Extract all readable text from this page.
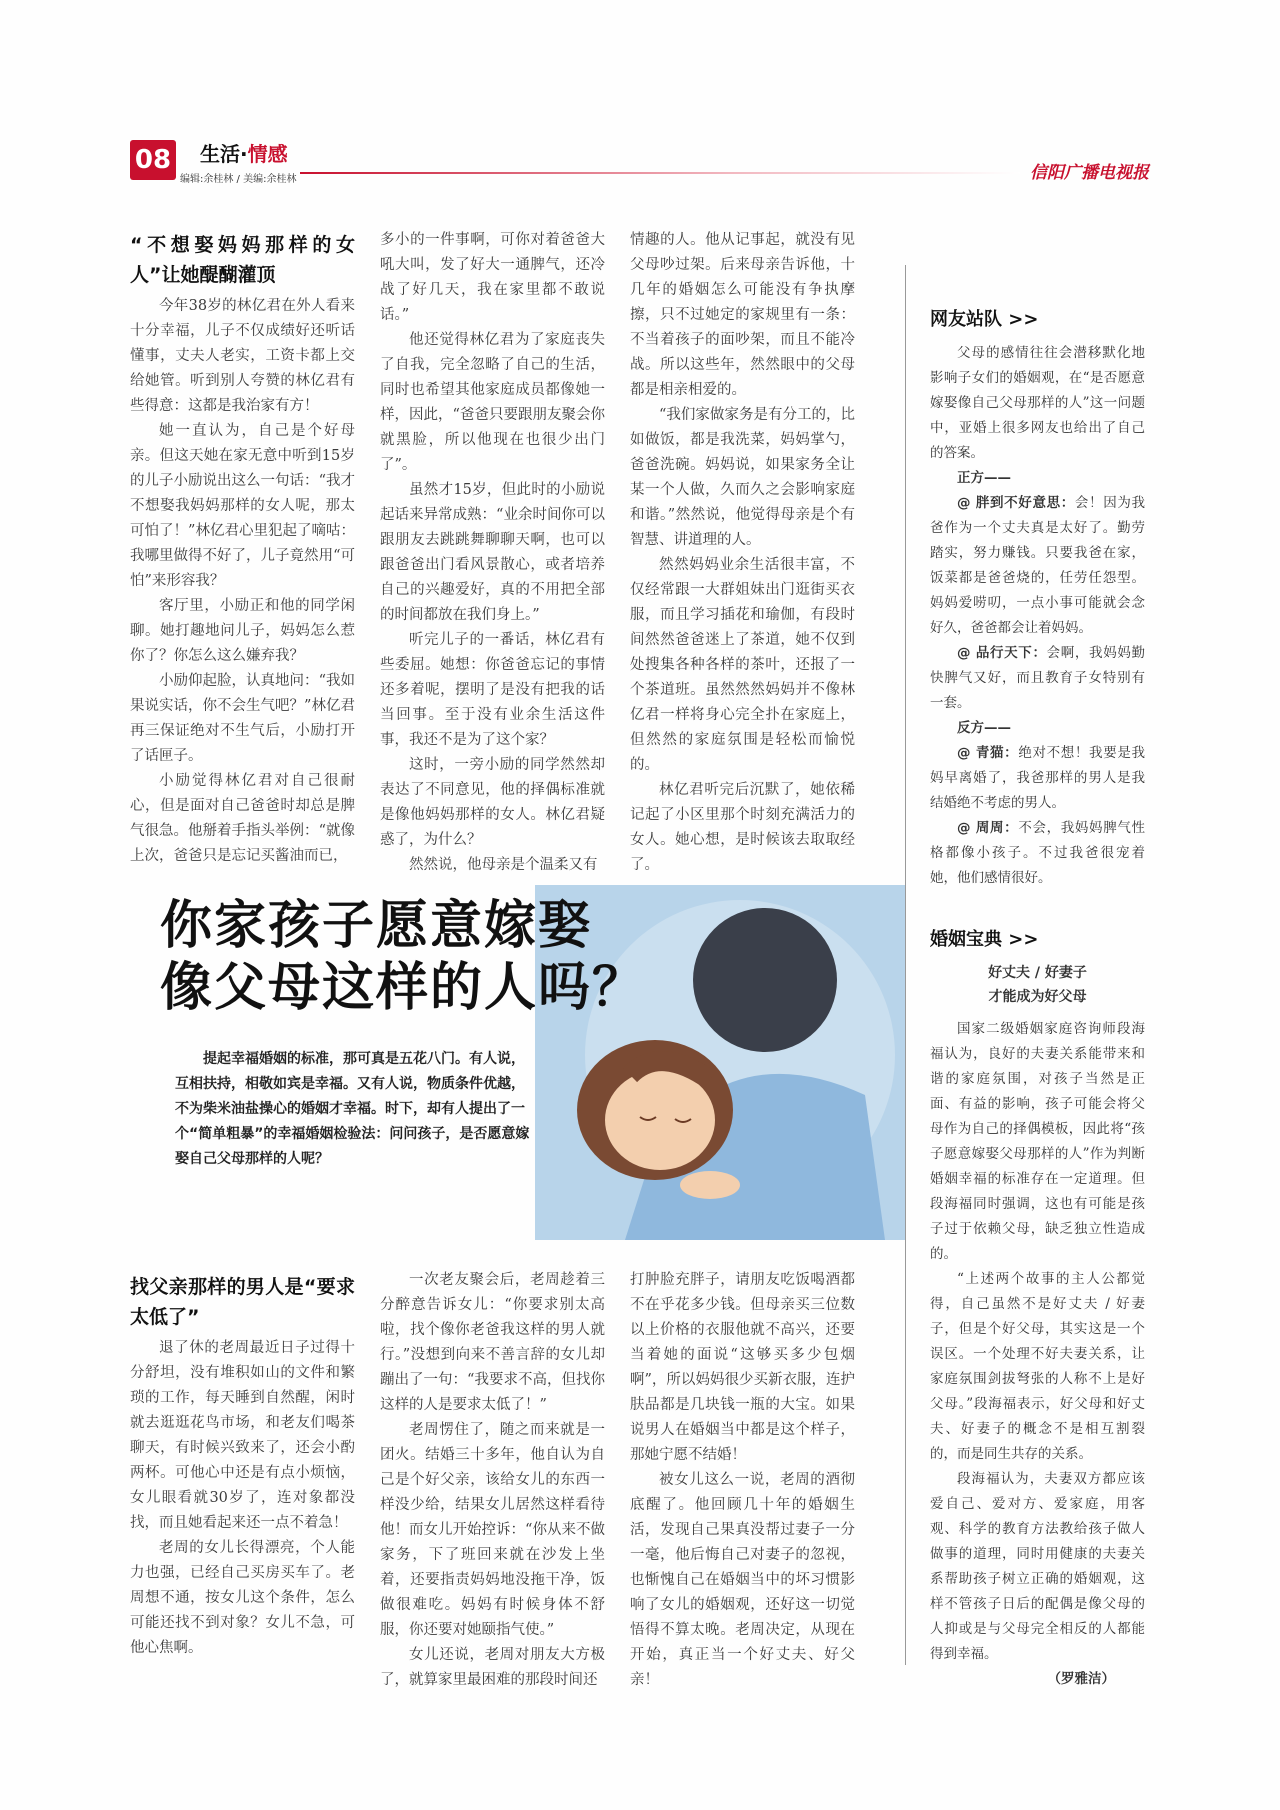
08 生活·情感
编辑:余桂林 / 美编:余桂林	信阳广播电视报
“不想娶妈妈那样的女人”让她醍醐灌顶

今年38岁的林亿君在外人看来十分幸福，儿子不仅成绩好还听话懂事，丈夫人老实，工资卡都上交给她管。听到别人夸赞的林亿君有些得意：这都是我治家有方！

她一直认为，自己是个好母亲。但这天她在家无意中听到15岁的儿子小励说出这么一句话：“我才不想娶我妈妈那样的女人呢，那太可怕了！”林亿君心里犯起了嘀咕：我哪里做得不好了，儿子竟然用“可怕”来形容我？

客厅里，小励正和他的同学闲聊。她打趣地问儿子，妈妈怎么惹你了？你怎么这么嫌弃我？

小励仰起脸，认真地问：“我如果说实话，你不会生气吧？”林亿君再三保证绝对不生气后，小励打开了话匣子。

小励觉得林亿君对自己很耐心，但是面对自己爸爸时却总是脾气很急。他掰着手指头举例：“就像上次，爸爸只是忘记买酱油而已，

多小的一件事啊，可你对着爸爸大吼大叫，发了好大一通脾气，还冷战了好几天，我在家里都不敢说话。”

他还觉得林亿君为了家庭丧失了自我，完全忽略了自己的生活，同时也希望其他家庭成员都像她一样，因此，“爸爸只要跟朋友聚会你就黑脸，所以他现在也很少出门了”。

虽然才15岁，但此时的小励说起话来异常成熟：“业余时间你可以跟朋友去跳跳舞聊聊天啊，也可以跟爸爸出门看风景散心，或者培养自己的兴趣爱好，真的不用把全部的时间都放在我们身上。”

听完儿子的一番话，林亿君有些委屈。她想：你爸爸忘记的事情还多着呢，摆明了是没有把我的话当回事。至于没有业余生活这件事，我还不是为了这个家？

这时，一旁小励的同学然然却表达了不同意见，他的择偶标准就是像他妈妈那样的女人。林亿君疑惑了，为什么？

然然说，他母亲是个温柔又有

情趣的人。他从记事起，就没有见父母吵过架。后来母亲告诉他，十几年的婚姻怎么可能没有争执摩擦，只不过她定的家规里有一条：不当着孩子的面吵架，而且不能冷战。所以这些年，然然眼中的父母都是相亲相爱的。

“我们家做家务是有分工的，比如做饭，都是我洗菜，妈妈掌勺，爸爸洗碗。妈妈说，如果家务全让某一个人做，久而久之会影响家庭和谐。”然然说，他觉得母亲是个有智慧、讲道理的人。

然然妈妈业余生活很丰富，不仅经常跟一大群姐妹出门逛街买衣服，而且学习插花和瑜伽，有段时间然然爸爸迷上了茶道，她不仅到处搜集各种各样的茶叶，还报了一个茶道班。虽然然然妈妈并不像林亿君一样将身心完全扑在家庭上，但然然的家庭氛围是轻松而愉悦的。

林亿君听完后沉默了，她依稀记起了小区里那个时刻充满活力的女人。她心想，是时候该去取取经了。

你家孩子愿意嫁娶
像父母这样的人吗？

提起幸福婚姻的标准，那可真是五花八门。有人说，互相扶持，相敬如宾是幸福。又有人说，物质条件优越，不为柴米油盐操心的婚姻才幸福。时下，却有人提出了一个“简单粗暴”的幸福婚姻检验法：问问孩子，是否愿意嫁娶自己父母那样的人呢？

找父亲那样的男人是“要求太低了”

退了休的老周最近日子过得十分舒坦，没有堆积如山的文件和繁琐的工作，每天睡到自然醒，闲时就去逛逛花鸟市场，和老友们喝茶聊天，有时候兴致来了，还会小酌两杯。可他心中还是有点小烦恼，女儿眼看就30岁了，连对象都没找，而且她看起来还一点不着急！

老周的女儿长得漂亮，个人能力也强，已经自己买房买车了。老周想不通，按女儿这个条件，怎么可能还找不到对象？女儿不急，可他心焦啊。

一次老友聚会后，老周趁着三分醉意告诉女儿：“你要求别太高啦，找个像你老爸我这样的男人就行。”没想到向来不善言辞的女儿却蹦出了一句：“我要求不高，但找你这样的人是要求太低了！”

老周愣住了，随之而来就是一团火。结婚三十多年，他自认为自己是个好父亲，该给女儿的东西一样没少给，结果女儿居然这样看待他！而女儿开始控诉：“你从来不做家务，下了班回来就在沙发上坐着，还要指责妈妈地没拖干净，饭做很难吃。妈妈有时候身体不舒服，你还要对她颐指气使。”

女儿还说，老周对朋友大方极了，就算家里最困难的那段时间还

打肿脸充胖子，请朋友吃饭喝酒都不在乎花多少钱。但母亲买三位数以上价格的衣服他就不高兴，还要当着她的面说“这够买多少包烟啊”，所以妈妈很少买新衣服，连护肤品都是几块钱一瓶的大宝。如果说男人在婚姻当中都是这个样子，那她宁愿不结婚！

被女儿这么一说，老周的酒彻底醒了。他回顾几十年的婚姻生活，发现自己果真没帮过妻子一分一毫，他后悔自己对妻子的忽视，也惭愧自己在婚姻当中的坏习惯影响了女儿的婚姻观，还好这一切觉悟得不算太晚。老周决定，从现在开始，真正当一个好丈夫、好父亲！

网友站队 >>

父母的感情往往会潜移默化地影响子女们的婚姻观，在“是否愿意嫁娶像自己父母那样的人”这一问题中，亚婚上很多网友也给出了自己的答案。

正方——

@ 胖到不好意思：会！因为我爸作为一个丈夫真是太好了。勤劳踏实，努力赚钱。只要我爸在家，饭菜都是爸爸烧的，任劳任怨型。妈妈爱唠叨，一点小事可能就会念好久，爸爸都会让着妈妈。

@ 品行天下：会啊，我妈妈勤快脾气又好，而且教育子女特别有一套。

反方——

@ 青猫：绝对不想！我要是我妈早离婚了，我爸那样的男人是我结婚绝不考虑的男人。

@ 周周：不会，我妈妈脾气性格都像小孩子。不过我爸很宠着她，他们感情很好。

婚姻宝典 >>
好丈夫 / 好妻子
才能成为好父母

国家二级婚姻家庭咨询师段海福认为，良好的夫妻关系能带来和谐的家庭氛围，对孩子当然是正面、有益的影响，孩子可能会将父母作为自己的择偶模板，因此将“孩子愿意嫁娶父母那样的人”作为判断婚姻幸福的标准存在一定道理。但段海福同时强调，这也有可能是孩子过于依赖父母，缺乏独立性造成的。

“上述两个故事的主人公都觉得，自己虽然不是好丈夫 / 好妻子，但是个好父母，其实这是一个误区。一个处理不好夫妻关系，让家庭氛围剑拔弩张的人称不上是好父母。”段海福表示，好父母和好丈夫、好妻子的概念不是相互割裂的，而是同生共存的关系。

段海福认为，夫妻双方都应该爱自己、爱对方、爱家庭，用客观、科学的教育方法教给孩子做人做事的道理，同时用健康的夫妻关系帮助孩子树立正确的婚姻观，这样不管孩子日后的配偶是像父母的人抑或是与父母完全相反的人都能得到幸福。

（罗雅洁）
